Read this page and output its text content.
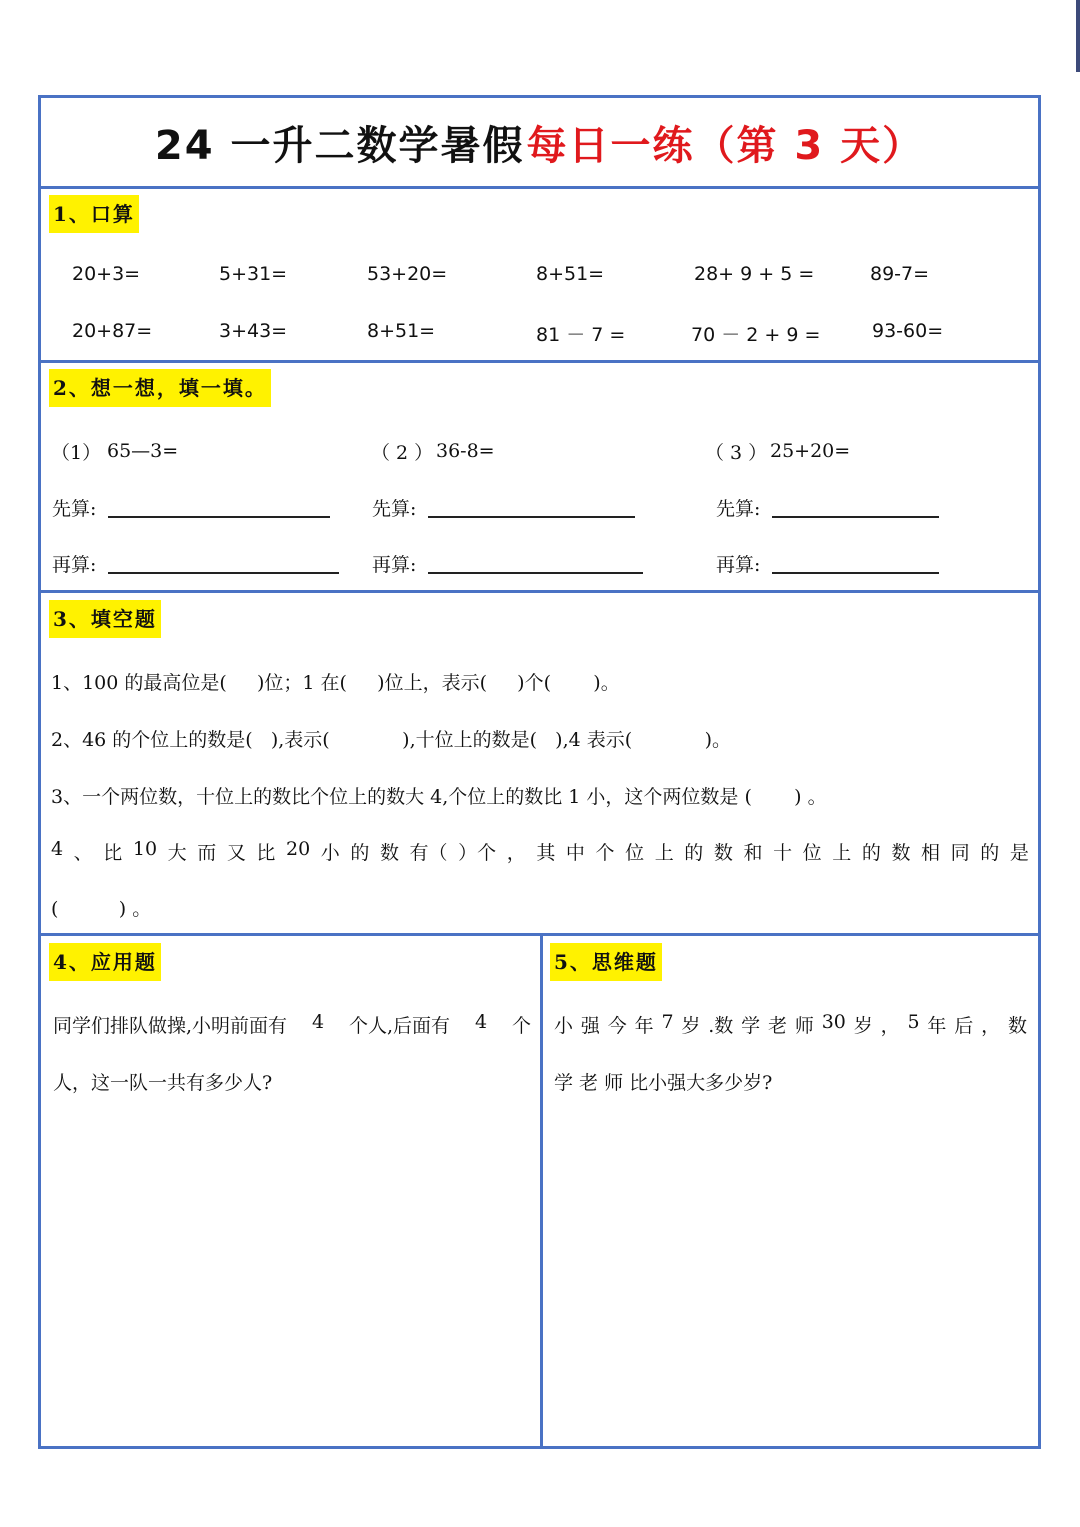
24 一升二数学暑假 每日一练（第 3 天）
1、口算
20+3=	5+31=	53+20=	8+51=	28+ 9 + 5 =	89-7=
20+87=	3+43=	8+51=	81 － 7 =	70 － 2 + 9 =	93-60=
2、想一想，填一填。
（1） 65—3=	（ 2 ） 36-8=	（ 3 ） 25+20=
先算:	先算:	先算:
再算:	再算:	再算:
3、填空题
1、100 的最高位是(     )位；1 在(     )位上，表示(     )个(       )。
2、46 的个位上的数是(   ),表示(            ),十位上的数是(   ),4 表示(            )。
3、一个两位数，十位上的数比个位上的数大 4,个位上的数比 1 小，这个两位数是 (       ) 。
4 、 比 10 大 而 又 比 20 小 的 数 有（ ）个 ， 其 中 个 位 上 的 数 和 十 位 上 的 数 相 同 的 是
(          ) 。
4、应用题
同学们排队做操,小明前面有 4 个人,后面有 4 个
人，这一队一共有多少人?
5、思维题
小 强 今 年 7 岁 .数 学 老 师 30 岁 ， 5 年 后 ， 数
学 老 师 比小强大多少岁?
